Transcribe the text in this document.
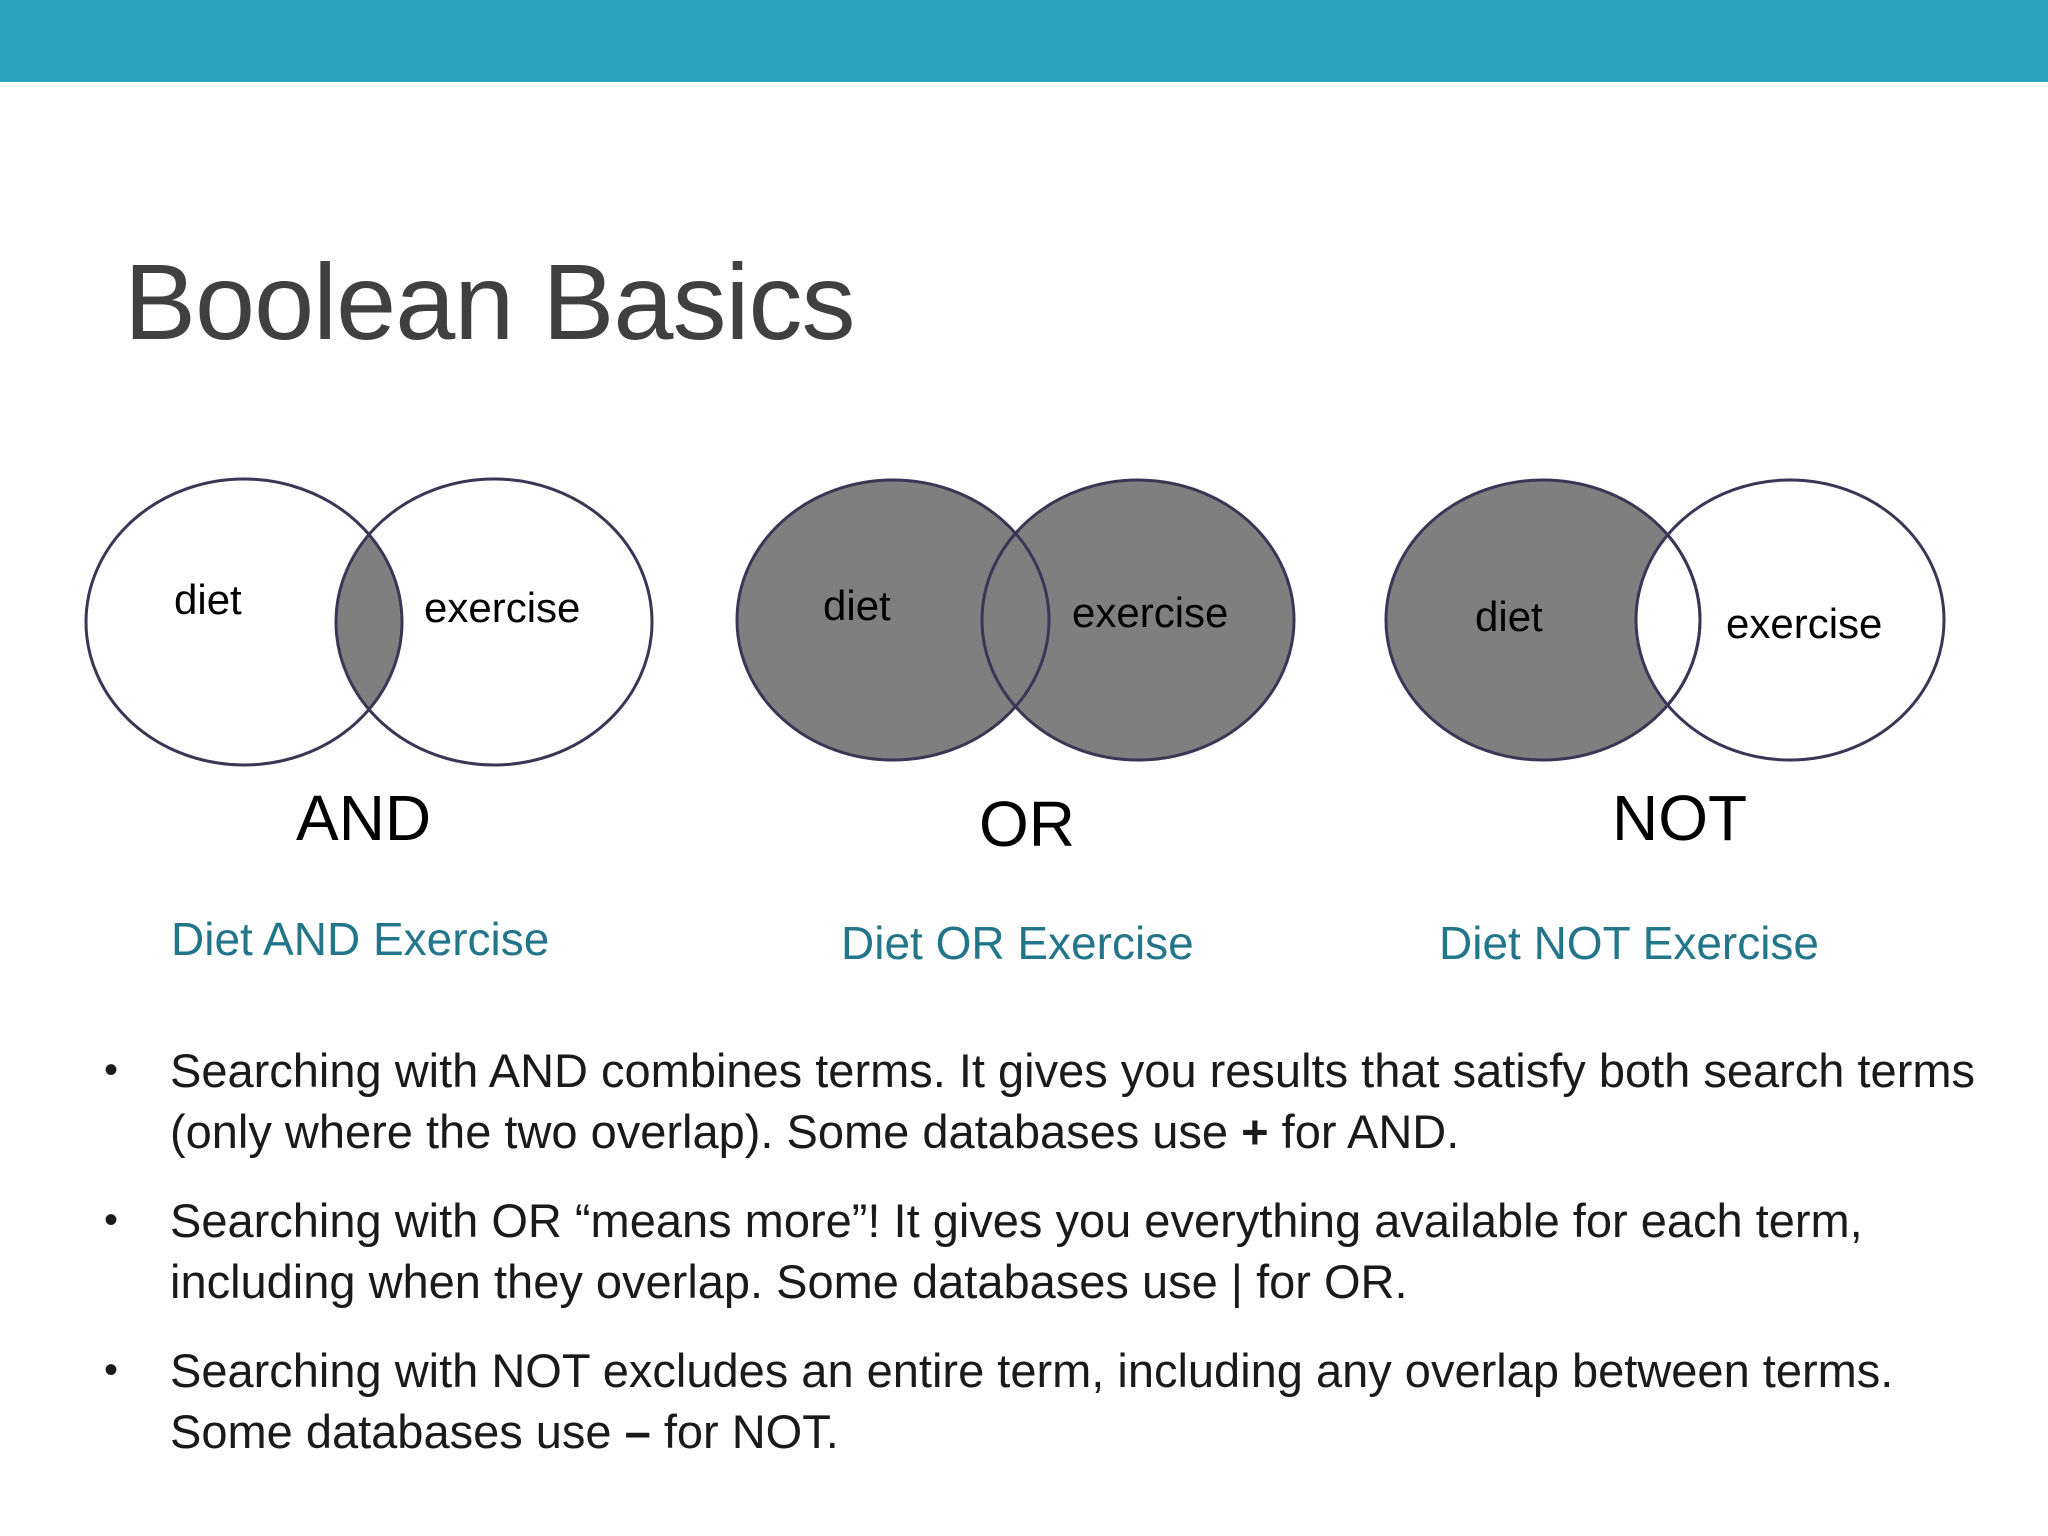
Boolean Basics
diet	exercise	diet	exercise	diet	exercise
AND	OR	NOT
Diet AND Exercise	Diet OR Exercise	Diet NOT Exercise
• Searching with AND combines terms. It gives you results that satisfy both search terms (only where the two overlap). Some databases use + for AND.
• Searching with OR “means more”! It gives you everything available for each term, including when they overlap. Some databases use | for OR.
• Searching with NOT excludes an entire term, including any overlap between terms. Some databases use – for NOT.
